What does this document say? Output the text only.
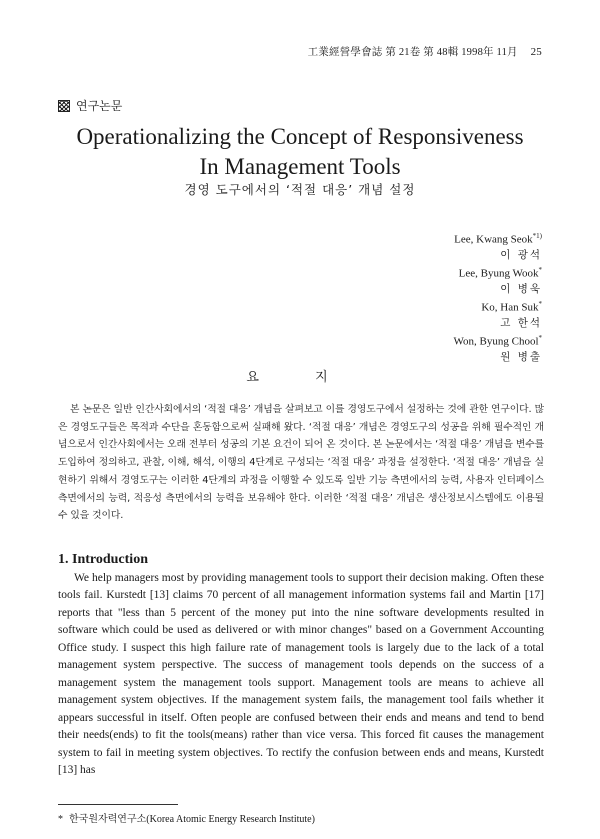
工業經營學會誌 第 21卷 第 48輯 1998年 11月 25
연구논문
Operationalizing the Concept of Responsiveness
In Management Tools
경영 도구에서의 ‘적절 대응’ 개념 설정
Lee, Kwang Seok$^{*1)}$
이 광석
Lee, Byung Wook*
이 병욱
Ko, Han Suk*
고 한석
Won, Byung Chool*
원 병출
요 지

본 논문은 일반 인간사회에서의 ‘적절 대응’ 개념을 살펴보고 이를 경영도구에서 설정하는 것에 관한 연구이다. 많은 경영도구들은 목적과 수단을 혼동함으로써 실패해 왔다. ‘적절 대응’ 개념은 경영도구의 성공을 위해 필수적인 개념으로서 인간사회에서는 오래 전부터 성공의 기본 요건이 되어 온 것이다. 본 논문에서는 ‘적절 대응’ 개념을 변수를 도입하여 정의하고, 관찰, 이해, 해석, 이행의 4단계로 구성되는 ‘적절 대응’ 과정을 설정한다. ‘적절 대응’ 개념을 실현하기 위해서 경영도구는 이러한 4단계의 과정을 이행할 수 있도록 일반 기능 측면에서의 능력, 사용자 인터페이스 측면에서의 능력, 적응성 측면에서의 능력을 보유해야 한다. 이러한 ‘적절 대응’ 개념은 생산정보시스템에도 이용될 수 있을 것이다.

1. Introduction

We help managers most by providing management tools to support their decision making. Often these tools fail. Kurstedt [13] claims 70 percent of all management information systems fail and Martin [17] reports that "less than 5 percent of the money put into the nine software developments resulted in software which could be used as delivered or with minor changes" based on a Government Accounting Office study. I suspect this high failure rate of management tools is largely due to the lack of a total management system perspective. The success of management tools depends on the success of a management system the management tools support. Management tools are means to achieve all management system objectives. If the management system fails, the management tool fails whether it appears successful in itself. Often people are confused between their ends and means and tend to bend their needs(ends) to fit the tools(means) rather than vice versa. This forced fit causes the management system to fail in meeting system objectives. To rectify the confusion between ends and means, Kurstedt [13] has

* 한국원자력연구소(Korea Atomic Energy Research Institute)
